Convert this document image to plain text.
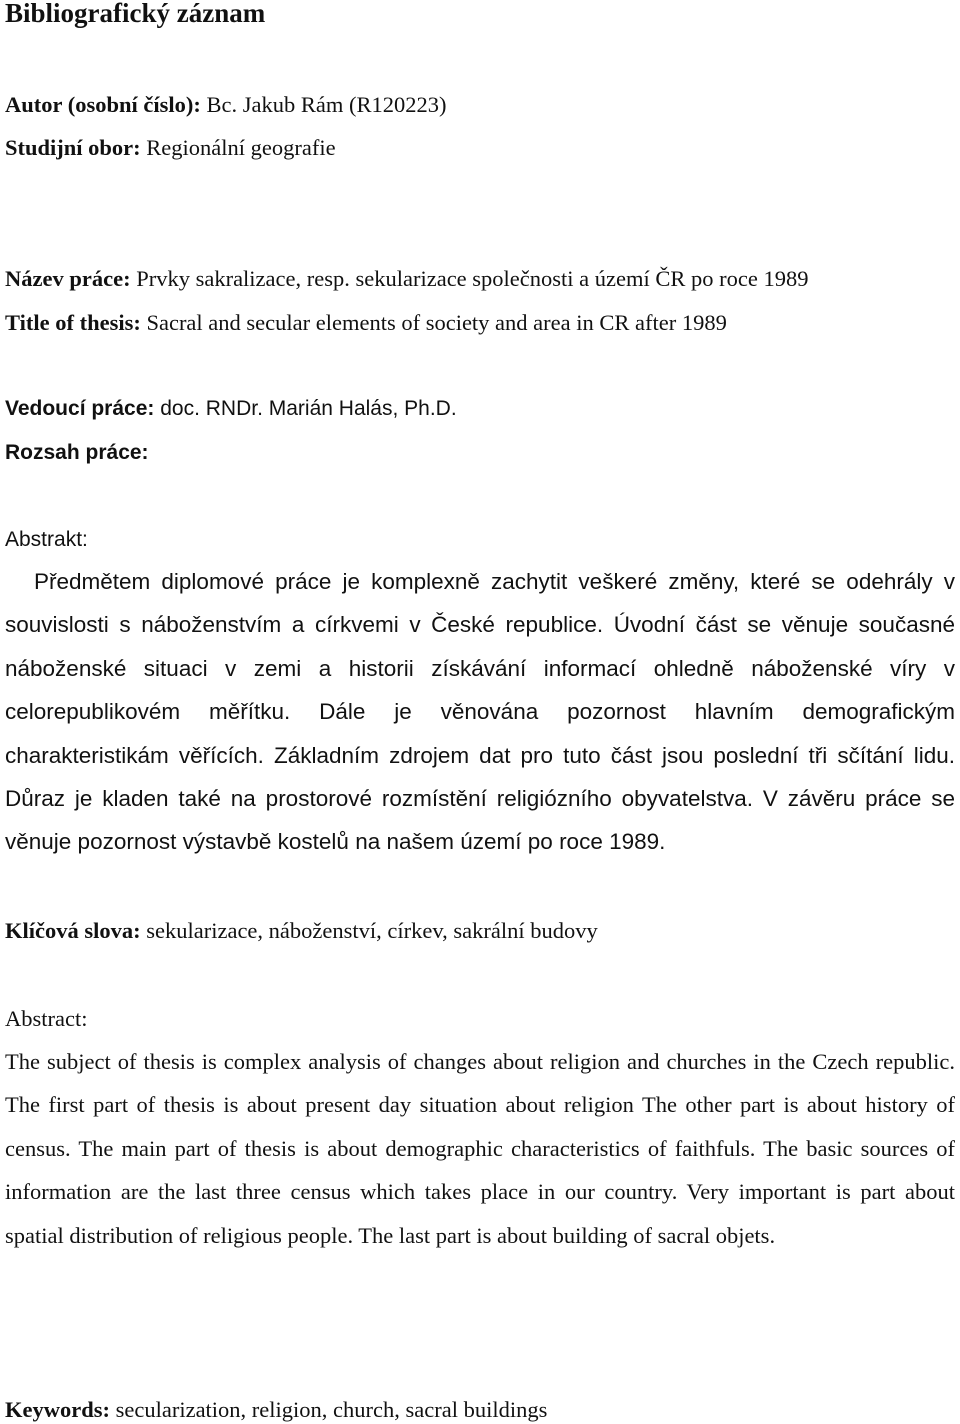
Bibliografický záznam
Autor (osobní číslo): Bc. Jakub Rám (R120223)
Studijní obor: Regionální geografie
Název práce: Prvky sakralizace, resp. sekularizace společnosti a území ČR po roce 1989
Title of thesis: Sacral and secular elements of society and area in CR after 1989
Vedoucí práce: doc. RNDr. Marián Halás, Ph.D.
Rozsah práce:
Abstrakt:

Předmětem diplomové práce je komplexně zachytit veškeré změny, které se odehrály v souvislosti s náboženstvím a církvemi v České republice. Úvodní část se věnuje současné náboženské situaci v zemi a historii získávání informací ohledně náboženské víry v celorepublikovém měřítku. Dále je věnována pozornost hlavním demografickým charakteristikám věřících. Základním zdrojem dat pro tuto část jsou poslední tři sčítání lidu. Důraz je kladen také na prostorové rozmístění religiózního obyvatelstva. V závěru práce se věnuje pozornost výstavbě kostelů na našem území po roce 1989.

Klíčová slova: sekularizace, náboženství, církev, sakrální budovy
Abstract:

The subject of thesis is complex analysis of changes about religion and churches in the Czech republic. The first part of thesis is about present day situation about religion The other part is about history of census. The main part of thesis is about demographic characteristics of faithfuls. The basic sources of information are the last three census which takes place in our country. Very important is part about spatial distribution of religious people. The last part is about building of sacral objets.

Keywords: secularization, religion, church, sacral buildings
